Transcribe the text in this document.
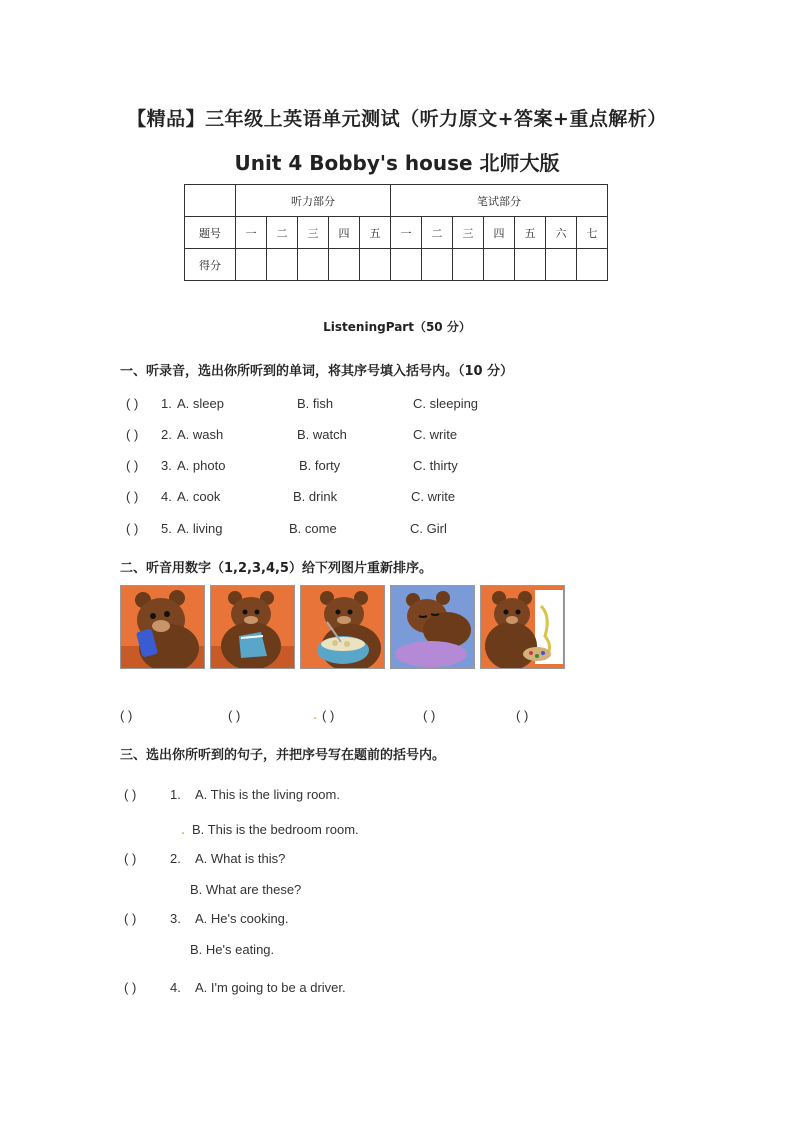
【精品】三年级上英语单元测试（听力原文+答案+重点解析）
Unit 4 Bobby's house 北师大版
	听力部分					笔试部分						
题号	一	二	三	四	五	一	二	三	四	五	六	七
得分												
ListeningPart（50 分）
一、听录音，选出你所听到的单词，将其序号填入括号内。（10 分）
( ) 1. A. sleep	B. fish	C. sleeping
( ) 2. A. wash	B. watch	C. write
( ) 3. A. photo	B. forty	C. thirty
( ) 4. A. cook	B. drink	C. write
( ) 5. A. living	B. come	C. Girl
二、听音用数字（1,2,3,4,5）给下列图片重新排序。
( )	( )	. ( )	( )	( )
三、选出你所听到的句子，并把序号写在题前的括号内。
( )	1. A. This is the living room.
. B. This is the bedroom room.
( )	2. A. What is this?
B. What are these?
( )	3. A. He's cooking.
B. He's eating.
( )	4. A. I'm going to be a driver.
